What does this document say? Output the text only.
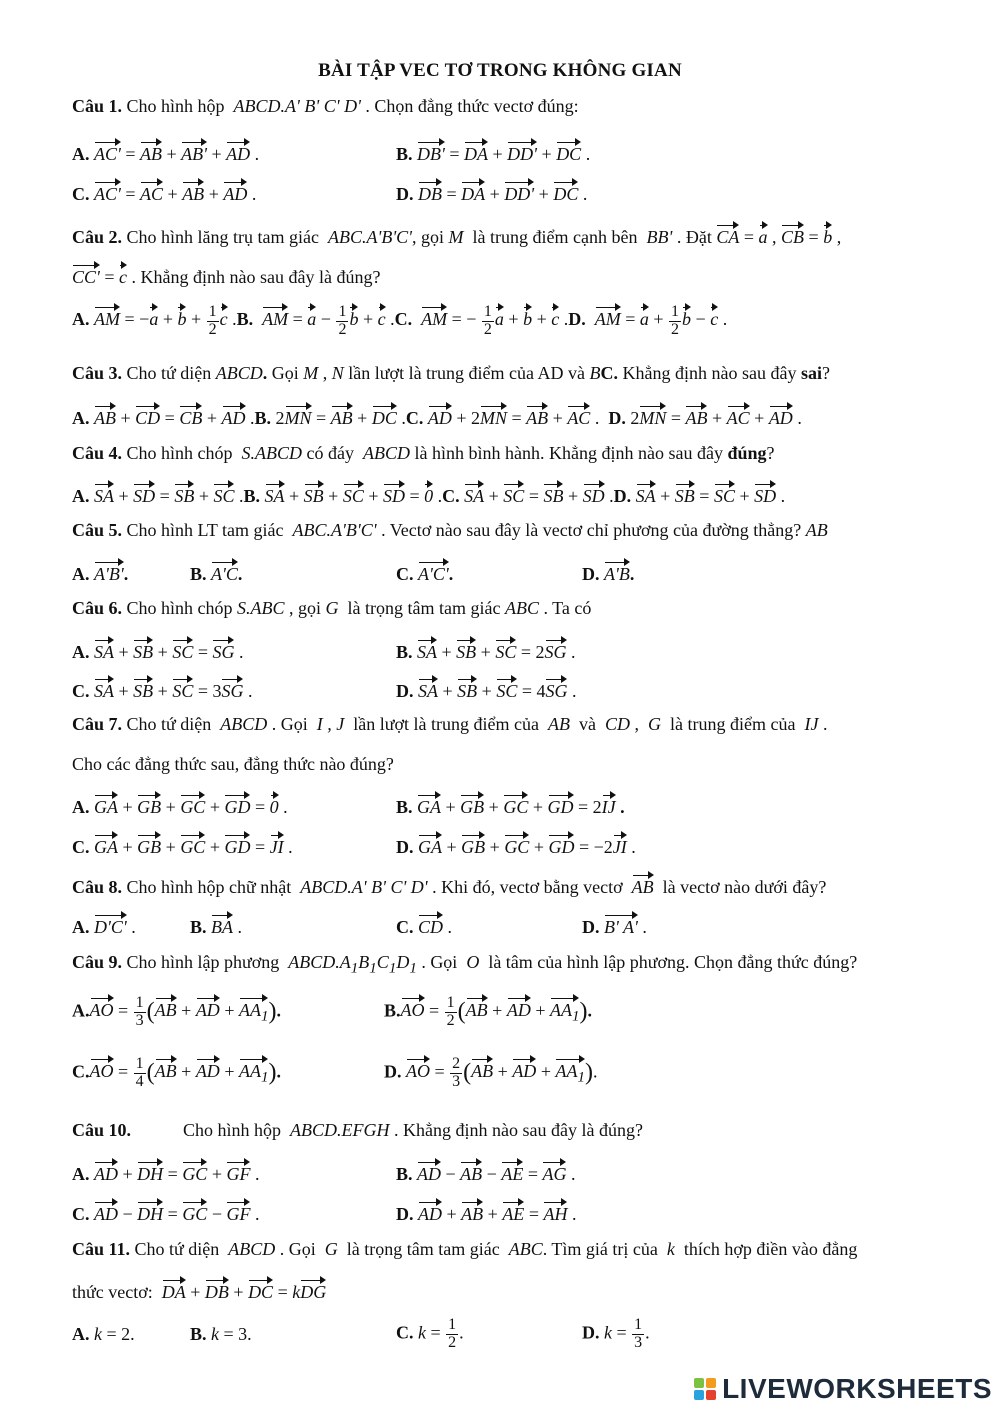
BÀI TẬP VEC TƠ TRONG KHÔNG GIAN
Câu 1. Cho hình hộp  ABCD.A' B' C' D' . Chọn đẳng thức vectơ đúng:
A. AC' = AB + AB' + AD .	B. DB' = DA + DD' + DC .
C. AC' = AC + AB + AD .	D. DB = DA + DD' + DC .
Câu 2. Cho hình lăng trụ tam giác  ABC.A'B'C', gọi M  là trung điểm cạnh bên  BB' . Đặt CA = a , CB = b ,
CC' = c . Khẳng định nào sau đây là đúng?
A. AM = $-a + b + \frac{1}{2}$ c .B. AM = $a - \frac{1}{2}$ b + c .C. AM = − $\frac{1}{2}$ a + b + c .D. AM = $a + \frac{1}{2}$ b − c .
Câu 3. Cho tứ diện ABCD. Gọi M , N lần lượt là trung điểm của AD và BC. Khẳng định nào sau đây sai?
A. AB + CD = CB + AD .B. 2MN = AB + DC .C. AD + 2MN = AB + AC . D. 2MN = AB + AC + AD .
Câu 4. Cho hình chóp  S.ABCD có đáy  ABCD là hình bình hành. Khẳng định nào sau đây đúng?
A. SA + SD = SB + SC .B. SA + SB + SC + SD = 0 .C. SA + SC = SB + SD .D. SA + SB = SC + SD .
Câu 5. Cho hình LT tam giác  ABC.A'B'C' . Vectơ nào sau đây là vectơ chỉ phương của đường thẳng? AB
A. A'B'.	B. A'C.	C. A'C'.	D. A'B.
Câu 6. Cho hình chóp S.ABC , gọi G  là trọng tâm tam giác ABC . Ta có
A. SA + SB + SC = SG .	B. SA + SB + SC = 2SG .
C. SA + SB + SC = 3SG .	D. SA + SB + SC = 4SG .
Câu 7. Cho tứ diện  ABCD . Gọi  I , J  lần lượt là trung điểm của  AB  và  CD ,  G  là trung điểm của  IJ .
Cho các đẳng thức sau, đẳng thức nào đúng?
A. GA + GB + GC + GD = 0 .	B. GA + GB + GC + GD = 2IJ .
C. GA + GB + GC + GD = JI .	D. GA + GB + GC + GD = −2JI .
Câu 8. Cho hình hộp chữ nhật  ABCD.A' B' C' D' . Khi đó, vectơ bằng vectơ  AB  là vectơ nào dưới đây?
A. D'C' .	B. BA .	C. CD .	D. B' A' .
Câu 9. Cho hình lập phương  $ABCD.A_1B_1C_1D_1$ . Gọi  O  là tâm của hình lập phương. Chọn đẳng thức đúng?
$A.AO = \frac{1}{3} (AB$ + AD + $AA_1$).	$B.AO = \frac{1}{2} (AB$ + AD + $AA_1$).
$C.AO = \frac{1}{4} (AB$ + AD + $AA_1$).	D. AO = $\frac{2}{3} (AB$ + AD + $AA_1$).
Câu 10.	Cho hình hộp  ABCD.EFGH . Khẳng định nào sau đây là đúng?
A. AD + DH = GC + GF .	B. AD − AB − AE = AG .
C. AD − DH = GC − GF .	D. AD + AB + AE = AH .
Câu 11. Cho tứ diện  ABCD . Gọi  G  là trọng tâm tam giác  ABC. Tìm giá trị của  k  thích hợp điền vào đẳng
thức vectơ:  DA + DB + DC = kDG
A. k = 2.	B. k = 3.	C. $k = \frac{1}{2}$ .	D. $k = \frac{1}{3}$ .
LIVEWORKSHEETS
